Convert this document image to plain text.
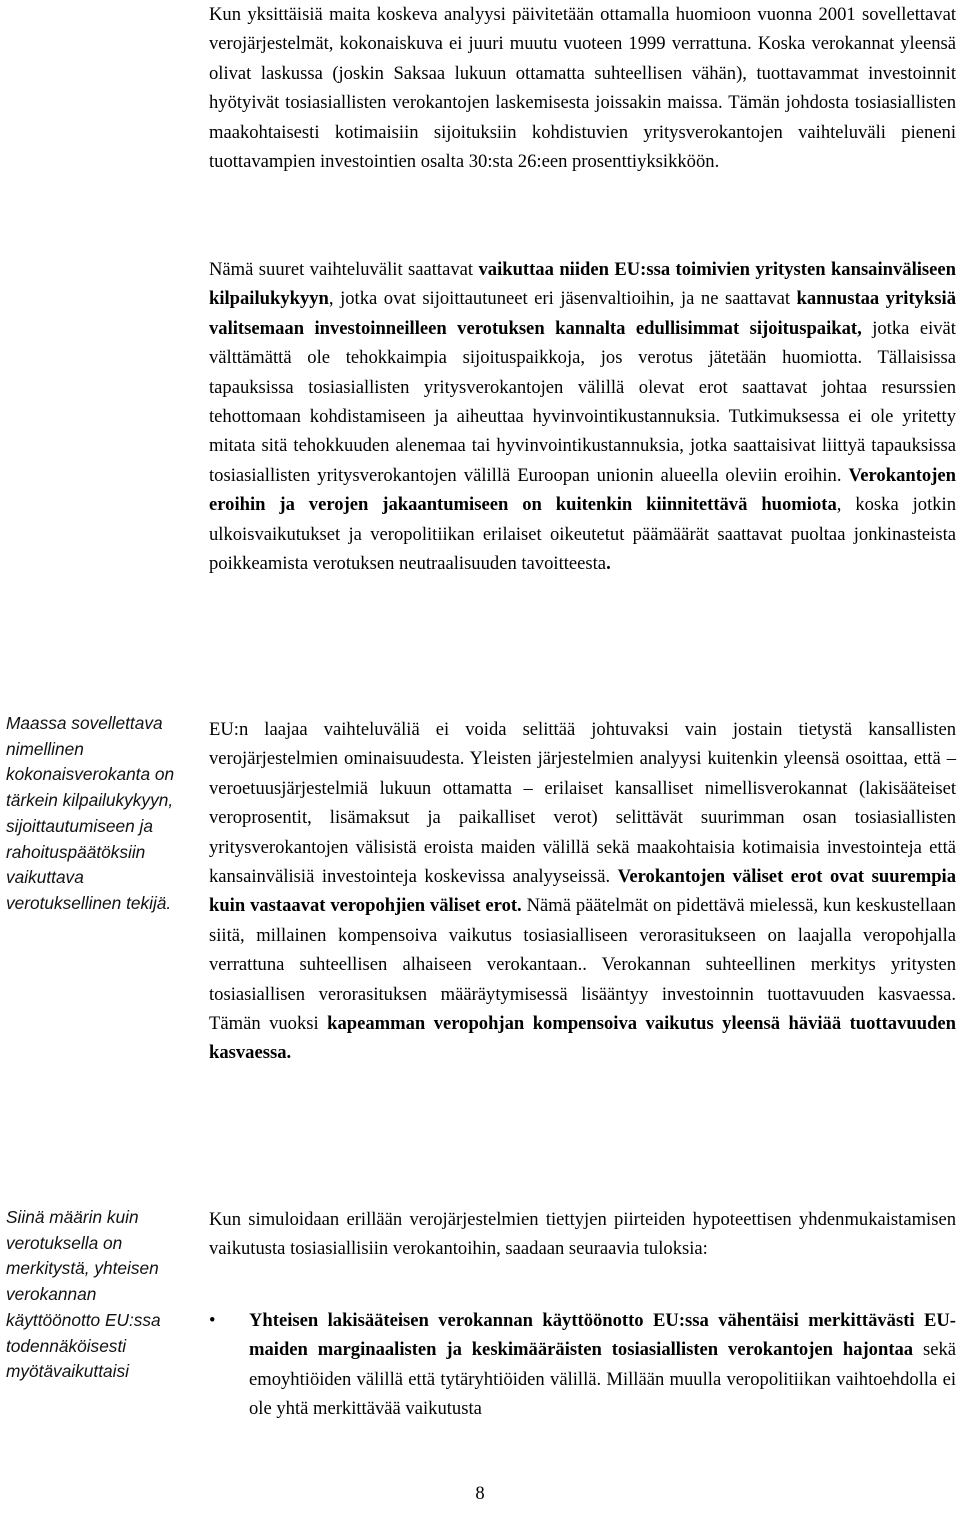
Kun yksittäisiä maita koskeva analyysi päivitetään ottamalla huomioon vuonna 2001 sovellettavat verojärjestelmät, kokonaiskuva ei juuri muutu vuoteen 1999 verrattuna. Koska verokannat yleensä olivat laskussa (joskin Saksaa lukuun ottamatta suhteellisen vähän), tuottavammat investoinnit hyötyivät tosiasiallisten verokantojen laskemisesta joissakin maissa. Tämän johdosta tosiasiallisten maakohtaisesti kotimaisiin sijoituksiin kohdistuvien yritysverokantojen vaihteluväli pieneni tuottavampien investointien osalta 30:sta 26:een prosenttiyksikköön.

Nämä suuret vaihteluvälit saattavat vaikuttaa niiden EU:ssa toimivien yritysten kansainväliseen kilpailukykyyn, jotka ovat sijoittautuneet eri jäsenvaltioihin, ja ne saattavat kannustaa yrityksiä valitsemaan investoinneilleen verotuksen kannalta edullisimmat sijoituspaikat, jotka eivät välttämättä ole tehokkaimpia sijoituspaikkoja, jos verotus jätetään huomiotta. Tällaisissa tapauksissa tosiasiallisten yritysverokantojen välillä olevat erot saattavat johtaa resurssien tehottomaan kohdistamiseen ja aiheuttaa hyvinvointikustannuksia. Tutkimuksessa ei ole yritetty mitata sitä tehokkuuden alenemaa tai hyvinvointikustannuksia, jotka saattaisivat liittyä tapauksissa tosiasiallisten yritysverokantojen välillä Euroopan unionin alueella oleviin eroihin. Verokantojen eroihin ja verojen jakaantumiseen on kuitenkin kiinnitettävä huomiota, koska jotkin ulkoisvaikutukset ja veropolitiikan erilaiset oikeutetut päämäärät saattavat puoltaa jonkinasteista poikkeamista verotuksen neutraalisuuden tavoitteesta.

EU:n laajaa vaihteluväliä ei voida selittää johtuvaksi vain jostain tietystä kansallisten verojärjestelmien ominaisuudesta. Yleisten järjestelmien analyysi kuitenkin yleensä osoittaa, että – veroetuusjärjestelmiä lukuun ottamatta – erilaiset kansalliset nimellisverokannat (lakisääteiset veroprosentit, lisämaksut ja paikalliset verot) selittävät suurimman osan tosiasiallisten yritysverokantojen välisistä eroista maiden välillä sekä maakohtaisia kotimaisia investointeja että kansainvälisiä investointeja koskevissa analyyseissä. Verokantojen väliset erot ovat suurempia kuin vastaavat veropohjien väliset erot. Nämä päätelmät on pidettävä mielessä, kun keskustellaan siitä, millainen kompensoiva vaikutus tosiasialliseen verorasitukseen on laajalla veropohjalla verrattuna suhteellisen alhaiseen verokantaan.. Verokannan suhteellinen merkitys yritysten tosiasiallisen verorasituksen määräytymisessä lisääntyy investoinnin tuottavuuden kasvaessa. Tämän vuoksi kapeamman veropohjan kompensoiva vaikutus yleensä häviää tuottavuuden kasvaessa.

Kun simuloidaan erillään verojärjestelmien tiettyjen piirteiden hypoteettisen yhdenmukaistamisen vaikutusta tosiasiallisiin verokantoihin, saadaan seuraavia tuloksia:

•	Yhteisen lakisääteisen verokannan käyttöönotto EU:ssa vähentäisi merkittävästi EU-maiden marginaalisten ja keskimääräisten tosiasiallisten verokantojen hajontaa sekä emoyhtiöiden välillä että tytäryhtiöiden välillä. Millään muulla veropolitiikan vaihtoehdolla ei ole yhtä merkittävää vaikutusta

Maassa sovellettava nimellinen kokonaisverokanta on tärkein kilpailukykyyn, sijoittautumiseen ja rahoituspäätöksiin vaikuttava verotuksellinen tekijä.

Siinä määrin kuin verotuksella on merkitystä, yhteisen verokannan käyttöönotto EU:ssa todennäköisesti myötävaikuttaisi

8
